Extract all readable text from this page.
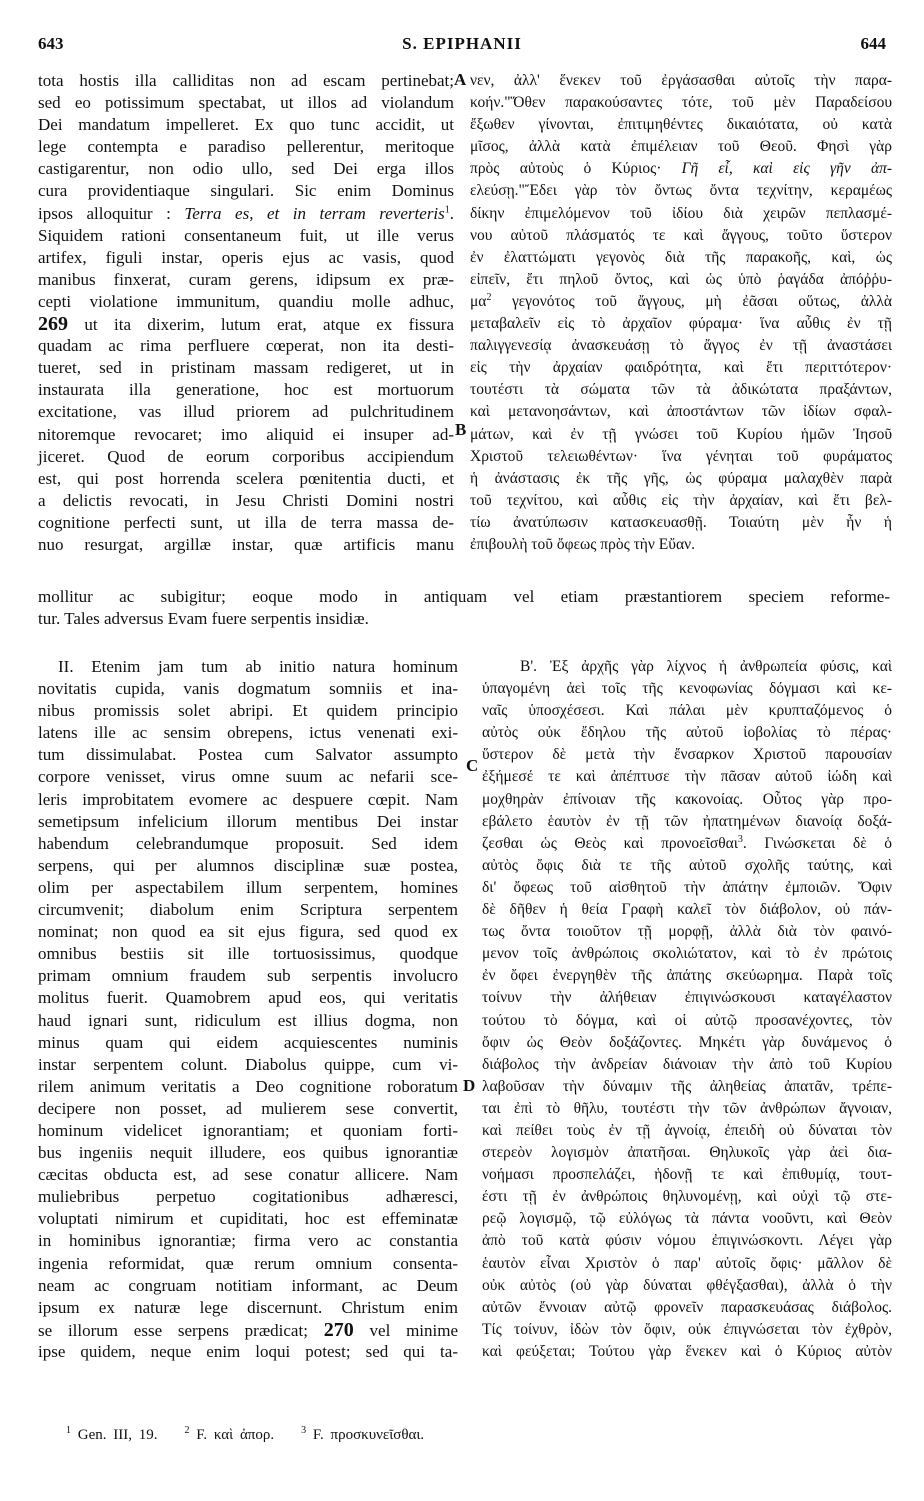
643	S. EPIPHANII	644
tota hostis illa calliditas non ad escam pertinebat;
sed eo potissimum spectabat, ut illos ad violandum
Dei mandatum impelleret. Ex quo tunc accidit, ut
lege contempta e paradiso pellerentur, meritoque
castigarentur, non odio ullo, sed Dei erga illos
cura providentiaque singulari. Sic enim Dominus
ipsos alloquitur : Terra es, et in terram reverteris$^1$.
Siquidem rationi consentaneum fuit, ut ille verus
artifex, figuli instar, operis ejus ac vasis, quod
manibus finxerat, curam gerens, idipsum ex præ-
cepti violatione immunitum, quandiu molle adhuc,
269 ut ita dixerim, lutum erat, atque ex fissura
quadam ac rima perfluere cœperat, non ita desti-
tueret, sed in pristinam massam redigeret, ut in
instaurata illa generatione, hoc est mortuorum
excitatione, vas illud priorem ad pulchritudinem
nitoremque revocaret; imo aliquid ei insuper ad-
jiceret. Quod de eorum corporibus accipiendum
est, qui post horrenda scelera pœnitentia ducti, et
a delictis revocati, in Jesu Christi Domini nostri
cognitione perfecti sunt, ut illa de terra massa de-
nuo resurgat, argillæ instar, quæ artificis manu
νεν, ἀλλ' ἕνεκεν τοῦ ἐργάσασθαι αὐτοῖς τὴν παρα-
κοήν."Ὅθεν παρακούσαντες τότε, τοῦ μὲν Παραδείσου
ἔξωθεν γίνονται, ἐπιτιμηθέντες δικαιότατα, οὐ κατὰ
μῖσος, ἀλλὰ κατὰ ἐπιμέλειαν τοῦ Θεοῦ. Φησὶ γὰρ
πρὸς αὐτοὺς ὁ Κύριος· Γῆ εἶ, καὶ εἰς γῆν ἀπ-
ελεύσῃ."Ἔδει γὰρ τὸν ὄντως ὄντα τεχνίτην, κεραμέως
δίκην ἐπιμελόμενον τοῦ ἰδίου διὰ χειρῶν πεπλασμέ-
νου αὐτοῦ πλάσματός τε καὶ ἄγγους, τοῦτο ὕστερον
ἐν ἐλαττώματι γεγονὸς διὰ τῆς παρακοῆς, καὶ, ὡς
εἰπεῖν, ἔτι πηλοῦ ὄντος, καὶ ὡς ὑπὸ ῥαγάδα ἀπόῤῥυ-
$\mu\alpha^2$ γεγονότος τοῦ ἄγγους, μὴ ἐᾶσαι οὕτως, ἀλλὰ
μεταβαλεῖν εἰς τὸ ἀρχαῖον φύραμα· ἵνα αὖθις ἐν τῇ
παλιγγενεσίᾳ ἀνασκευάσῃ τὸ ἄγγος ἐν τῇ ἀναστάσει
εἰς τὴν ἀρχαίαν φαιδρότητα, καὶ ἔτι περιττότερον·
τουτέστι τὰ σώματα τῶν τὰ ἀδικώτατα πραξάντων,
καὶ μετανοησάντων, καὶ ἀποστάντων τῶν ἰδίων σφαλ-
μάτων, καὶ ἐν τῇ γνώσει τοῦ Κυρίου ἡμῶν Ἰησοῦ
Χριστοῦ τελειωθέντων· ἵνα γένηται τοῦ φυράματος
ἡ ἀνάστασις ἐκ τῆς γῆς, ὡς φύραμα μαλαχθὲν παρὰ
τοῦ τεχνίτου, καὶ αὖθις εἰς τὴν ἀρχαίαν, καὶ ἔτι βελ-
τίω ἀνατύπωσιν κατασκευασθῇ. Τοιαύτη μὲν ἦν ἡ
ἐπιβουλὴ τοῦ ὄφεως πρὸς τὴν Εὔαν.
A
B
C
D
mollitur ac subigitur; eoque modo in antiquam vel etiam præstantiorem speciem reforme-
tur. Tales adversus Evam fuere serpentis insidiæ.
II. Etenim jam tum ab initio natura hominum
novitatis cupida, vanis dogmatum somniis et ina-
nibus promissis solet abripi. Et quidem principio
latens ille ac sensim obrepens, ictus venenati exi-
tum dissimulabat. Postea cum Salvator assumpto
corpore venisset, virus omne suum ac nefarii sce-
leris improbitatem evomere ac despuere cœpit. Nam
semetipsum infelicium illorum mentibus Dei instar
habendum celebrandumque proposuit. Sed idem
serpens, qui per alumnos disciplinæ suæ postea,
olim per aspectabilem illum serpentem, homines
circumvenit; diabolum enim Scriptura serpentem
nominat; non quod ea sit ejus figura, sed quod ex
omnibus bestiis sit ille tortuosissimus, quodque
primam omnium fraudem sub serpentis involucro
molitus fuerit. Quamobrem apud eos, qui veritatis
haud ignari sunt, ridiculum est illius dogma, non
minus quam qui eidem acquiescentes numinis
instar serpentem colunt. Diabolus quippe, cum vi-
rilem animum veritatis a Deo cognitione roboratum
decipere non posset, ad mulierem sese convertit,
hominum videlicet ignorantiam; et quoniam forti-
bus ingeniis nequit illudere, eos quibus ignorantiæ
cæcitas obducta est, ad sese conatur allicere. Nam
muliebribus perpetuo cogitationibus adhæresci,
voluptati nimirum et cupiditati, hoc est effeminatæ
in hominibus ignorantiæ; firma vero ac constantia
ingenia reformidat, quæ rerum omnium consenta-
neam ac congruam notitiam informant, ac Deum
ipsum ex naturæ lege discernunt. Christum enim
se illorum esse serpens prædicat; 270 vel minime
ipse quidem, neque enim loqui potest; sed qui ta-
Β'. Ἐξ ἀρχῆς γὰρ λίχνος ἡ ἀνθρωπεία φύσις, καὶ
ὑπαγομένη ἀεὶ τοῖς τῆς κενοφωνίας δόγμασι καὶ κε-
ναῖς ὑποσχέσεσι. Καὶ πάλαι μὲν κρυπταζόμενος ὁ
αὐτὸς οὐκ ἔδηλου τῆς αὐτοῦ ἰοβολίας τὸ πέρας·
ὕστερον δὲ μετὰ τὴν ἔνσαρκον Χριστοῦ παρουσίαν
ἐξήμεσέ τε καὶ ἀπέπτυσε τὴν πᾶσαν αὐτοῦ ἰώδη καὶ
μοχθηρὰν ἐπίνοιαν τῆς κακονοίας. Οὗτος γὰρ προ-
εβάλετο ἑαυτὸν ἐν τῇ τῶν ἠπατημένων διανοίᾳ δοξά-
ζεσθαι ὡς Θεὸς καὶ προνοεῖσθαι$^3$. Γινώσκεται δὲ ὁ
αὐτὸς ὄφις διὰ τε τῆς αὐτοῦ σχολῆς ταύτης, καὶ
δι' ὄφεως τοῦ αἰσθητοῦ τὴν ἀπάτην ἐμποιῶν. Ὄφιν
δὲ δῆθεν ἡ θεία Γραφὴ καλεῖ τὸν διάβολον, οὐ πάν-
τως ὄντα τοιοῦτον τῇ μορφῇ, ἀλλὰ διὰ τὸν φαινό-
μενον τοῖς ἀνθρώποις σκολιώτατον, καὶ τὸ ἐν πρώτοις
ἐν ὄφει ἐνεργηθὲν τῆς ἀπάτης σκεύωρημα. Παρὰ τοῖς
τοίνυν τὴν ἀλήθειαν ἐπιγινώσκουσι καταγέλαστον
τούτου τὸ δόγμα, καὶ οἱ αὐτῷ προσανέχοντες, τὸν
ὄφιν ὡς Θεὸν δοξάζοντες. Μηκέτι γὰρ δυνάμενος ὁ
διάβολος τὴν ἀνδρείαν διάνοιαν τὴν ἀπὸ τοῦ Κυρίου
λαβοῦσαν τὴν δύναμιν τῆς ἀληθείας ἀπατᾶν, τρέπε-
ται ἐπὶ τὸ θῆλυ, τουτέστι τὴν τῶν ἀνθρώπων ἄγνοιαν,
καὶ πείθει τοὺς ἐν τῇ ἀγνοίᾳ, ἐπειδὴ οὐ δύναται τὸν
στερεὸν λογισμὸν ἀπατῆσαι. Θηλυκοῖς γὰρ ἀεὶ δια-
νοήμασι προσπελάζει, ἡδονῇ τε καὶ ἐπιθυμίᾳ, τουτ-
έστι τῇ ἐν ἀνθρώποις θηλυνομένῃ, καὶ οὐχὶ τῷ στε-
ρεῷ λογισμῷ, τῷ εὐλόγως τὰ πάντα νοοῦντι, καὶ Θεὸν
ἀπὸ τοῦ κατὰ φύσιν νόμου ἐπιγινώσκοντι. Λέγει γὰρ
ἑαυτὸν εἶναι Χριστὸν ὁ παρ' αὐτοῖς ὄφις· μᾶλλον δὲ
οὐκ αὐτὸς (οὐ γὰρ δύναται φθέγξασθαι), ἀλλὰ ὁ τὴν
αὐτῶν ἔννοιαν αὐτῷ φρονεῖν παρασκευάσας διάβολος.
Τίς τοίνυν, ἰδὼν τὸν ὄφιν, οὐκ ἐπιγνώσεται τὸν ἐχθρὸν,
καὶ φεύξεται; Τούτου γὰρ ἕνεκεν καὶ ὁ Κύριος αὐτὸν
$^1$ Gen. III, 19.	$^2$ F. καὶ ἀπορ.	$^3$ F. προσκυνεῖσθαι.
